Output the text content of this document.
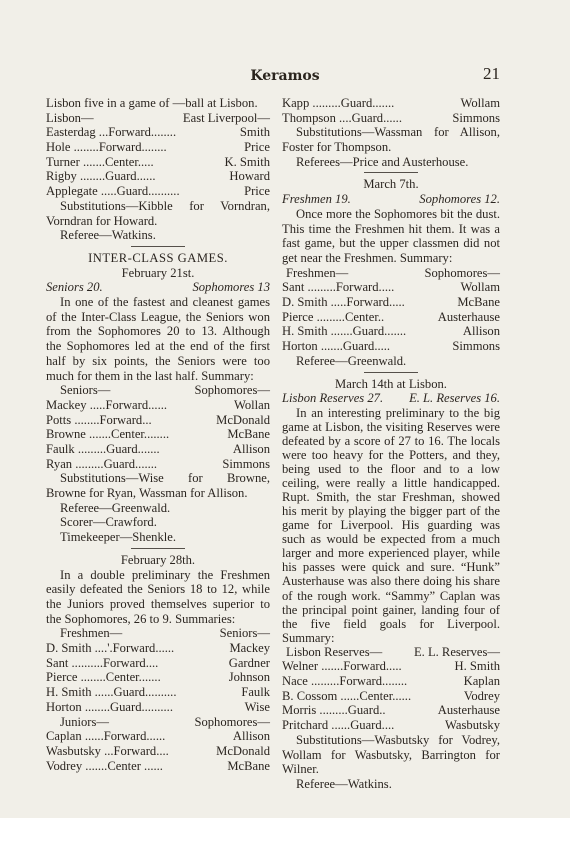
Keramos	21

Lisbon five in a game of —ball at Lisbon.

Lisbon—	East Liverpool—
Easterdag ...Forward........	Smith
Hole ........Forward........	Price
Turner .......Center.....	K. Smith
Rigby ........Guard......	Howard
Applegate .....Guard..........	Price

Substitutions—Kibble for Vorndran, Vorndran for Howard.

Referee—Watkins.
INTER-CLASS GAMES.
February 21st.
Seniors 20.	Sophomores 13

In one of the fastest and cleanest games of the Inter-Class League, the Seniors won from the Sophomores 20 to 13. Although the Sophomores led at the end of the first half by six points, the Seniors were too much for them in the last half. Summary:

Seniors—	Sophomores—
Mackey .....Forward......	Wollan
Potts ........Forward...	McDonald
Browne .......Center........	McBane
Faulk .........Guard.......	Allison
Ryan .........Guard.......	Simmons

Substitutions—Wise for Browne, Browne for Ryan, Wassman for Allison.

Referee—Greenwald.
Scorer—Crawford.
Timekeeper—Shenkle.
February 28th.

In a double preliminary the Freshmen easily defeated the Seniors 18 to 12, while the Juniors proved themselves superior to the Sophomores, 26 to 9. Summaries:

Freshmen—	Seniors—
D. Smith ....'.Forward......	Mackey
Sant ..........Forward....	Gardner
Pierce ........Center.......	Johnson
H. Smith ......Guard..........	Faulk
Horton ........Guard..........	Wise
Juniors—	Sophomores—
Caplan ......Forward......	Allison
Wasbutsky ...Forward....	McDonald
Vodrey .......Center ......	McBane
Kapp .........Guard.......	Wollam
Thompson ....Guard......	Simmons

Substitutions—Wassman for Allison, Foster for Thompson.

Referees—Price and Austerhouse.
March 7th.
Freshmen 19.	Sophomores 12.

Once more the Sophomores bit the dust. This time the Freshmen hit them. It was a fast game, but the upper classmen did not get near the Freshmen. Summary:

Freshmen—	Sophomores—
Sant .........Forward.....	Wollam
D. Smith .....Forward.....	McBane
Pierce .........Center..	Austerhause
H. Smith .......Guard.......	Allison
Horton .......Guard.....	Simmons
Referee—Greenwald.
March 14th at Lisbon.
Lisbon Reserves 27. E. L. Reserves 16.

In an interesting preliminary to the big game at Lisbon, the visiting Reserves were defeated by a score of 27 to 16. The locals were too heavy for the Potters, and they, being used to the floor and to a low ceiling, were really a little handicapped. Rupt. Smith, the star Freshman, showed his merit by playing the bigger part of the game for Liverpool. His guarding was such as would be expected from a much larger and more experienced player, while his passes were quick and sure. “Hunk” Austerhause was also there doing his share of the rough work. “Sammy” Caplan was the principal point gainer, landing four of the five field goals for Liverpool. Summary:

Lisbon Reserves—	E. L. Reserves—
Welner .......Forward.....	H. Smith
Nace .........Forward........	Kaplan
B. Cossom ......Center......	Vodrey
Morris .........Guard..	Austerhause
Pritchard ......Guard....	Wasbutsky

Substitutions—Wasbutsky for Vodrey, Wollam for Wasbutsky, Barrington for Wilner.

Referee—Watkins.
